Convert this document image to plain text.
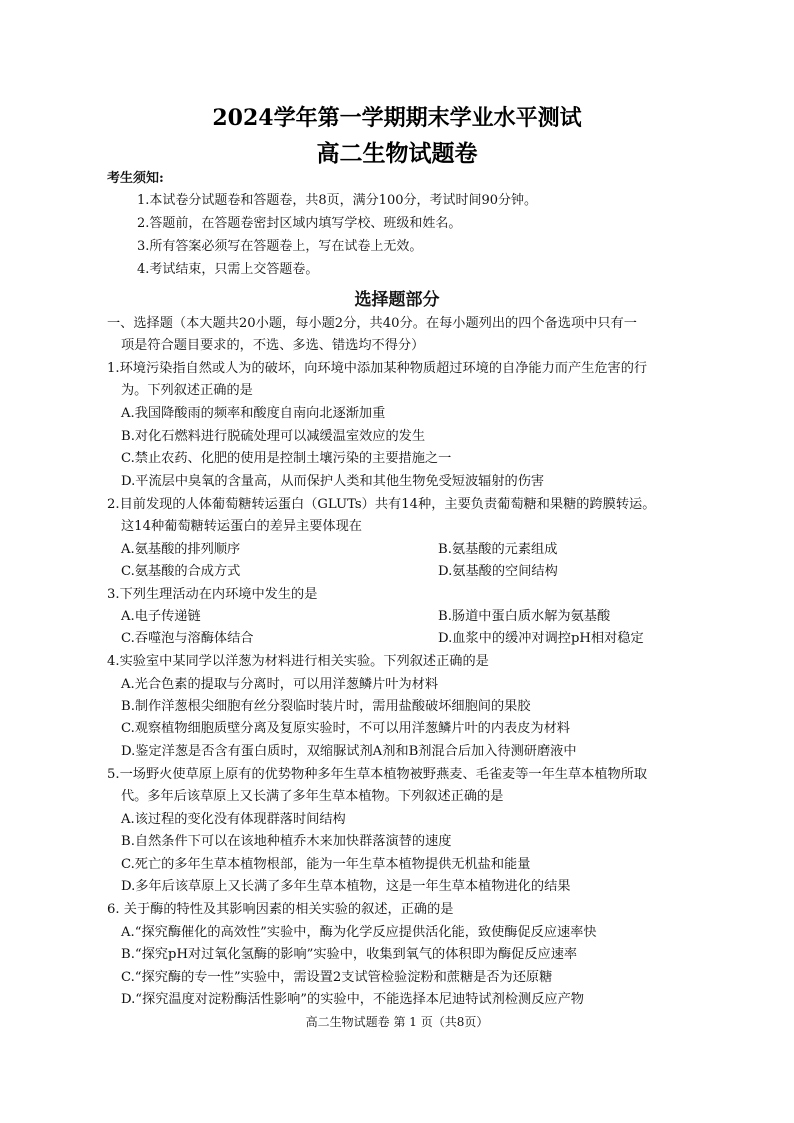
2024学年第一学期期末学业水平测试
高二生物试题卷
考生须知:
1.本试卷分试题卷和答题卷，共8页，满分100分，考试时间90分钟。
2.答题前，在答题卷密封区域内填写学校、班级和姓名。
3.所有答案必须写在答题卷上，写在试卷上无效。
4.考试结束，只需上交答题卷。
选择题部分
一、选择题（本大题共20小题，每小题2分，共40分。在每小题列出的四个备选项中只有一
项是符合题目要求的，不选、多选、错选均不得分）
1.环境污染指自然或人为的破坏，向环境中添加某种物质超过环境的自净能力而产生危害的行
为。下列叙述正确的是
A.我国降酸雨的频率和酸度自南向北逐渐加重
B.对化石燃料进行脱硫处理可以减缓温室效应的发生
C.禁止农药、化肥的使用是控制土壤污染的主要措施之一
D.平流层中臭氧的含量高，从而保护人类和其他生物免受短波辐射的伤害
2.目前发现的人体葡萄糖转运蛋白（GLUTs）共有14种，主要负责葡萄糖和果糖的跨膜转运。
这14种葡萄糖转运蛋白的差异主要体现在
A.氨基酸的排列顺序	B.氨基酸的元素组成
C.氨基酸的合成方式	D.氨基酸的空间结构
3.下列生理活动在内环境中发生的是
A.电子传递链	B.肠道中蛋白质水解为氨基酸
C.吞噬泡与溶酶体结合	D.血浆中的缓冲对调控pH相对稳定
4.实验室中某同学以洋葱为材料进行相关实验。下列叙述正确的是
A.光合色素的提取与分离时，可以用洋葱鳞片叶为材料
B.制作洋葱根尖细胞有丝分裂临时装片时，需用盐酸破坏细胞间的果胶
C.观察植物细胞质壁分离及复原实验时，不可以用洋葱鳞片叶的内表皮为材料
D.鉴定洋葱是否含有蛋白质时，双缩脲试剂A剂和B剂混合后加入待测研磨液中
5.一场野火使草原上原有的优势物种多年生草本植物被野燕麦、毛雀麦等一年生草本植物所取
代。多年后该草原上又长满了多年生草本植物。下列叙述正确的是
A.该过程的变化没有体现群落时间结构
B.自然条件下可以在该地种植乔木来加快群落演替的速度
C.死亡的多年生草本植物根部，能为一年生草本植物提供无机盐和能量
D.多年后该草原上又长满了多年生草本植物，这是一年生草本植物进化的结果
6. 关于酶的特性及其影响因素的相关实验的叙述，正确的是
A.“探究酶催化的高效性”实验中，酶为化学反应提供活化能，致使酶促反应速率快
B.“探究pH对过氧化氢酶的影响”实验中，收集到氧气的体积即为酶促反应速率
C.“探究酶的专一性”实验中，需设置2支试管检验淀粉和蔗糖是否为还原糖
D.“探究温度对淀粉酶活性影响”的实验中，不能选择本尼迪特试剂检测反应产物
高二生物试题卷 第 1 页（共8页）
